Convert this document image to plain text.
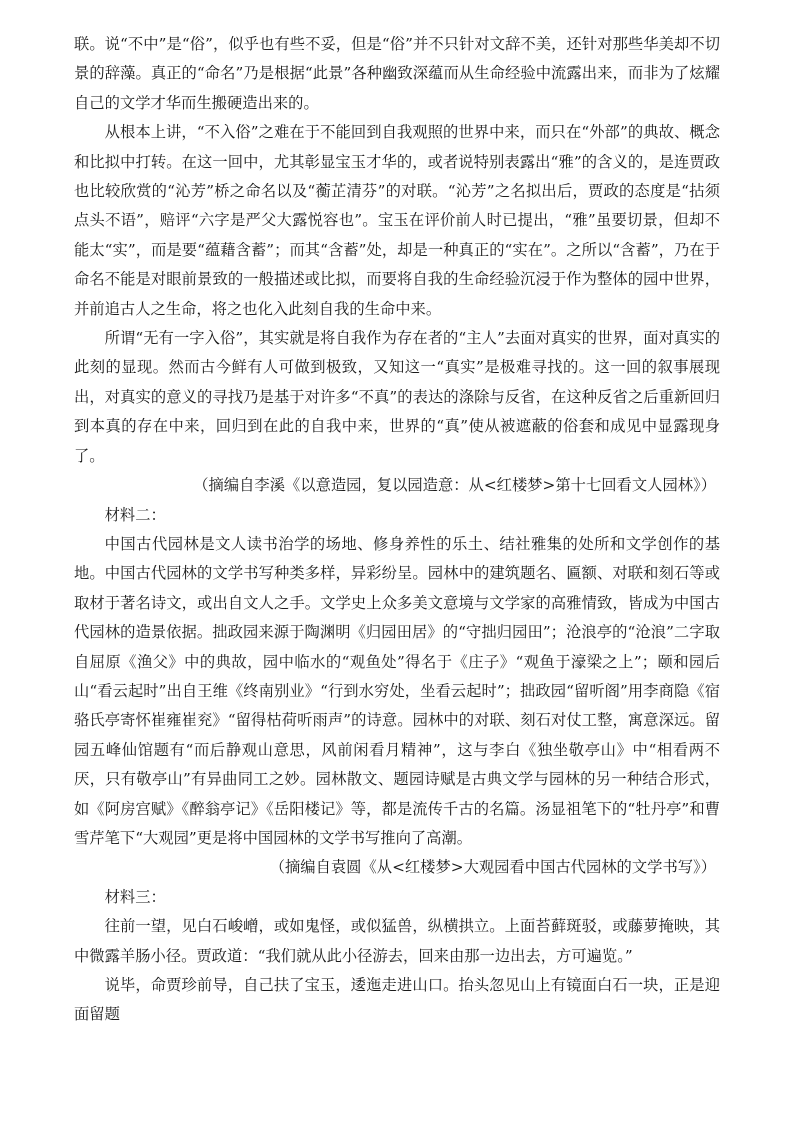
联。说“不中”是“俗”，似乎也有些不妥，但是“俗”并不只针对文辞不美，还针对那些华美却不切景的辞藻。真正的“命名”乃是根据“此景”各种幽致深蕴而从生命经验中流露出来，而非为了炫耀自己的文学才华而生搬硬造出来的。

从根本上讲，“不入俗”之难在于不能回到自我观照的世界中来，而只在“外部”的典故、概念和比拟中打转。在这一回中，尤其彰显宝玉才华的，或者说特别表露出“雅”的含义的，是连贾政也比较欣赏的“沁芳”桥之命名以及“蘅芷清芬”的对联。“沁芳”之名拟出后，贾政的态度是“拈须点头不语”，赔评“六字是严父大露悦容也”。宝玉在评价前人时已提出，“雅”虽要切景，但却不能太“实”，而是要“蕴藉含蓄”；而其“含蓄”处，却是一种真正的“实在”。之所以“含蓄”，乃在于命名不能是对眼前景致的一般描述或比拟，而要将自我的生命经验沉浸于作为整体的园中世界，并前追古人之生命，将之也化入此刻自我的生命中来。

所谓“无有一字入俗”，其实就是将自我作为存在者的“主人”去面对真实的世界，面对真实的此刻的显现。然而古今鲜有人可做到极致，又知这一“真实”是极难寻找的。这一回的叙事展现出，对真实的意义的寻找乃是基于对许多“不真”的表达的涤除与反省，在这种反省之后重新回归到本真的存在中来，回归到在此的自我中来，世界的“真”使从被遮蔽的俗套和成见中显露现身了。

（摘编自李溪《以意造园，复以园造意：从<红楼梦>第十七回看文人园林》）

材料二：

中国古代园林是文人读书治学的场地、修身养性的乐土、结社雅集的处所和文学创作的基地。中国古代园林的文学书写种类多样，异彩纷呈。园林中的建筑题名、匾额、对联和刻石等或取材于著名诗文，或出自文人之手。文学史上众多美文意境与文学家的高雅情致，皆成为中国古代园林的造景依据。拙政园来源于陶渊明《归园田居》的“守拙归园田”；沧浪亭的“沧浪”二字取自屈原《渔父》中的典故，园中临水的“观鱼处”得名于《庄子》“观鱼于濠梁之上”；颐和园后山“看云起时”出自王维《终南别业》“行到水穷处，坐看云起时”；拙政园“留听阁”用李商隐《宿骆氏亭寄怀崔雍崔兖》“留得枯荷听雨声”的诗意。园林中的对联、刻石对仗工整，寓意深远。留园五峰仙馆题有“而后静观山意思，风前闲看月精神”，这与李白《独坐敬亭山》中“相看两不厌，只有敬亭山”有异曲同工之妙。园林散文、题园诗赋是古典文学与园林的另一种结合形式，如《阿房宫赋》《醉翁亭记》《岳阳楼记》等，都是流传千古的名篇。汤显祖笔下的“牡丹亭”和曹雪芹笔下“大观园”更是将中国园林的文学书写推向了高潮。

（摘编自袁圆《从<红楼梦>大观园看中国古代园林的文学书写》）

材料三：

往前一望，见白石峻嶒，或如鬼怪，或似猛兽，纵横拱立。上面苔藓斑驳，或藤萝掩映，其中微露羊肠小径。贾政道：“我们就从此小径游去，回来由那一边出去，方可遍览。”

说毕，命贾珍前导，自己扶了宝玉，逶迤走进山口。抬头忽见山上有镜面白石一块，正是迎面留题
